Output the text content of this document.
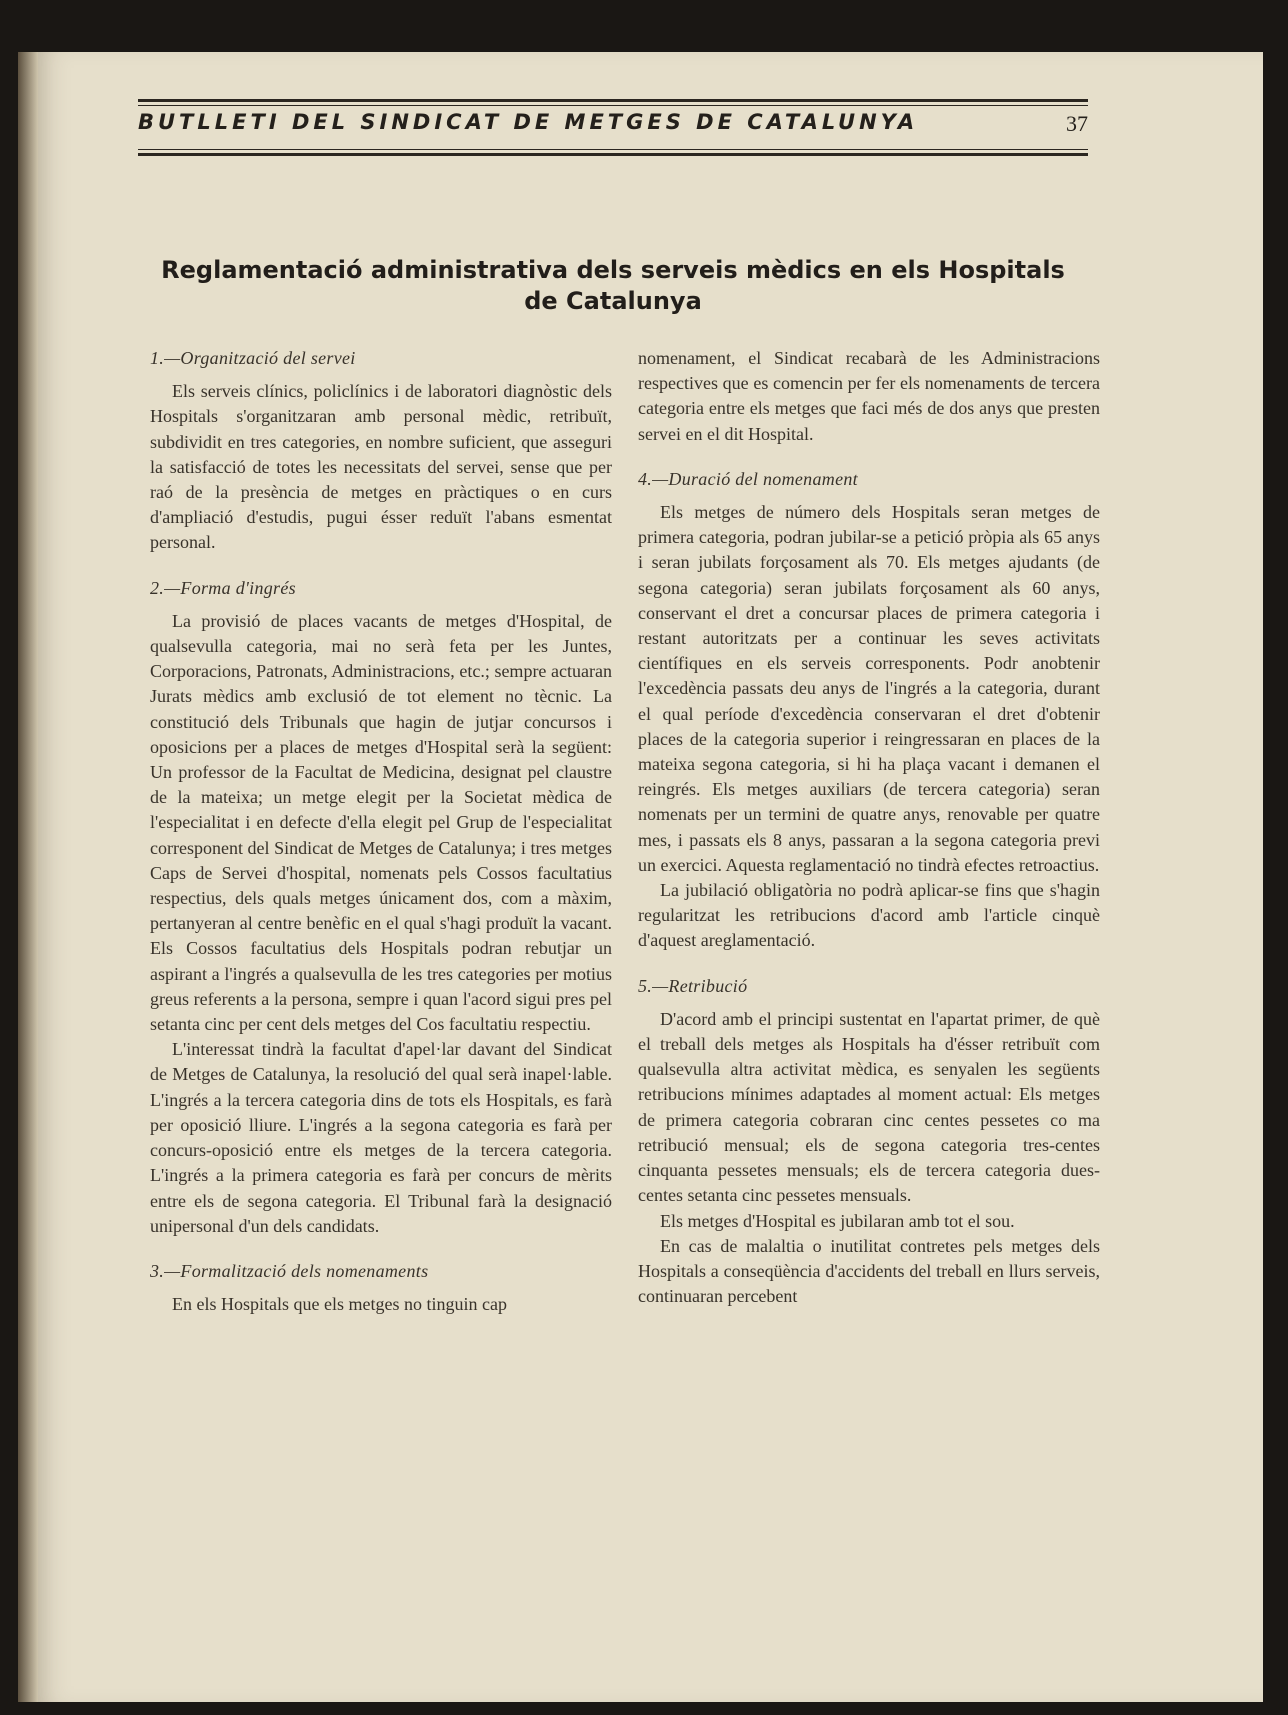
BUTLLETI DEL SINDICAT DE METGES DE CATALUNYA	37
Reglamentació administrativa dels serveis mèdics en els Hospitals
de Catalunya
1.—Organització del servei

Els serveis clínics, policlínics i de laboratori diagnòstic dels Hospitals s'organitzaran amb personal mèdic, retribuït, subdividit en tres categories, en nombre suficient, que asseguri la satisfacció de totes les necessitats del servei, sense que per raó de la presència de metges en pràctiques o en curs d'ampliació d'estudis, pugui ésser reduït l'abans esmentat personal.

2.—Forma d'ingrés

La provisió de places vacants de metges d'Hospital, de qualsevulla categoria, mai no serà feta per les Juntes, Corporacions, Patronats, Administracions, etc.; sempre actuaran Jurats mèdics amb exclusió de tot element no tècnic. La constitució dels Tribunals que hagin de jutjar concursos i oposicions per a places de metges d'Hospital serà la següent: Un professor de la Facultat de Medicina, designat pel claustre de la mateixa; un metge elegit per la Societat mèdica de l'especialitat i en defecte d'ella elegit pel Grup de l'especialitat corresponent del Sindicat de Metges de Catalunya; i tres metges Caps de Servei d'hospital, nomenats pels Cossos facultatius respectius, dels quals metges únicament dos, com a màxim, pertanyeran al centre benèfic en el qual s'hagi produït la vacant. Els Cossos facultatius dels Hospitals podran rebutjar un aspirant a l'ingrés a qualsevulla de les tres categories per motius greus referents a la persona, sempre i quan l'acord sigui pres pel setanta cinc per cent dels metges del Cos facultatiu respectiu.

L'interessat tindrà la facultat d'apel·lar davant del Sindicat de Metges de Catalunya, la resolució del qual serà inapel·lable. L'ingrés a la tercera categoria dins de tots els Hospitals, es farà per oposició lliure. L'ingrés a la segona categoria es farà per concurs-oposició entre els metges de la tercera categoria. L'ingrés a la primera categoria es farà per concurs de mèrits entre els de segona categoria. El Tribunal farà la designació unipersonal d'un dels candidats.

3.—Formalització dels nomenaments

En els Hospitals que els metges no tinguin cap

nomenament, el Sindicat recabarà de les Administracions respectives que es comencin per fer els nomenaments de tercera categoria entre els metges que faci més de dos anys que presten servei en el dit Hospital.

4.—Duració del nomenament

Els metges de número dels Hospitals seran metges de primera categoria, podran jubilar-se a petició pròpia als 65 anys i seran jubilats forçosament als 70. Els metges ajudants (de segona categoria) seran jubilats forçosament als 60 anys, conservant el dret a concursar places de primera categoria i restant autoritzats per a continuar les seves activitats científiques en els serveis corresponents. Podr anobtenir l'excedència passats deu anys de l'ingrés a la categoria, durant el qual període d'excedència conservaran el dret d'obtenir places de la categoria superior i reingressaran en places de la mateixa segona categoria, si hi ha plaça vacant i demanen el reingrés. Els metges auxiliars (de tercera categoria) seran nomenats per un termini de quatre anys, renovable per quatre mes, i passats els 8 anys, passaran a la segona categoria previ un exercici. Aquesta reglamentació no tindrà efectes retroactius.

La jubilació obligatòria no podrà aplicar-se fins que s'hagin regularitzat les retribucions d'acord amb l'article cinquè d'aquest areglamentació.

5.—Retribució

D'acord amb el principi sustentat en l'apartat primer, de què el treball dels metges als Hospitals ha d'ésser retribuït com qualsevulla altra activitat mèdica, es senyalen les següents retribucions mínimes adaptades al moment actual: Els metges de primera categoria cobraran cinc centes pessetes co ma retribució mensual; els de segona categoria tres-centes cinquanta pessetes mensuals; els de tercera categoria dues-centes setanta cinc pessetes mensuals.

Els metges d'Hospital es jubilaran amb tot el sou.

En cas de malaltia o inutilitat contretes pels metges dels Hospitals a conseqüència d'accidents del treball en llurs serveis, continuaran percebent
